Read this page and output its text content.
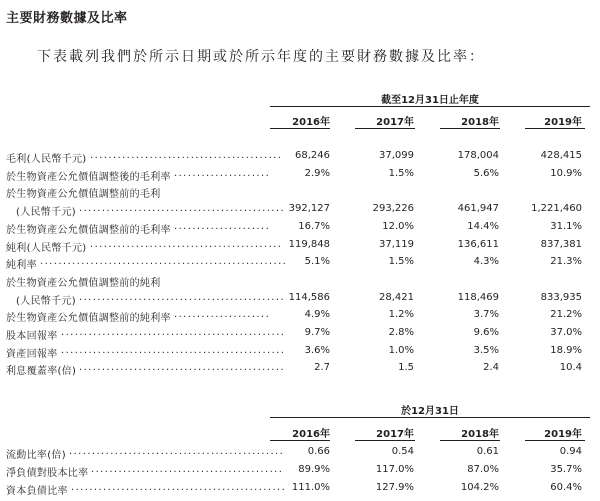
主要財務數據及比率
下表載列我們於所示日期或於所示年度的主要財務數據及比率：
截至12月31日止年度
2016年	2017年	2018年	2019年
毛利(人民幣千元) ..........................................	68,246	37,099	178,004	428,415
於生物資產公允價值調整後的毛利率 .....................	2.9%	1.5%	5.6%	10.9%
於生物資產公允價值調整前的毛利
(人民幣千元) ............................................. 392,127	293,226	461,947	1,221,460
於生物資產公允價值調整前的毛利率 .....................	16.7%	12.0%	14.4%	31.1%
純利(人民幣千元) .......................................... 119,848	37,119	136,611	837,381
純利率 ......................................................	5.1%	1.5%	4.3%	21.3%
於生物資產公允價值調整前的純利
(人民幣千元) ............................................. 114,586	28,421	118,469	833,935
於生物資產公允價值調整前的純利率 .....................	4.9%	1.2%	3.7%	21.2%
股本回報率 .................................................	9.7%	2.8%	9.6%	37.0%
資產回報率 .................................................	3.6%	1.0%	3.5%	18.9%
利息覆蓋率(倍) .............................................	2.7	1.5	2.4	10.4
於12月31日
2016年	2017年	2018年	2019年
流動比率(倍) ...............................................	0.66	0.54	0.61	0.94
淨負債對股本比率 ..........................................	89.9%	117.0%	87.0%	35.7%
資本負債比率 ............................................... 111.0%	127.9%	104.2%	60.4%
